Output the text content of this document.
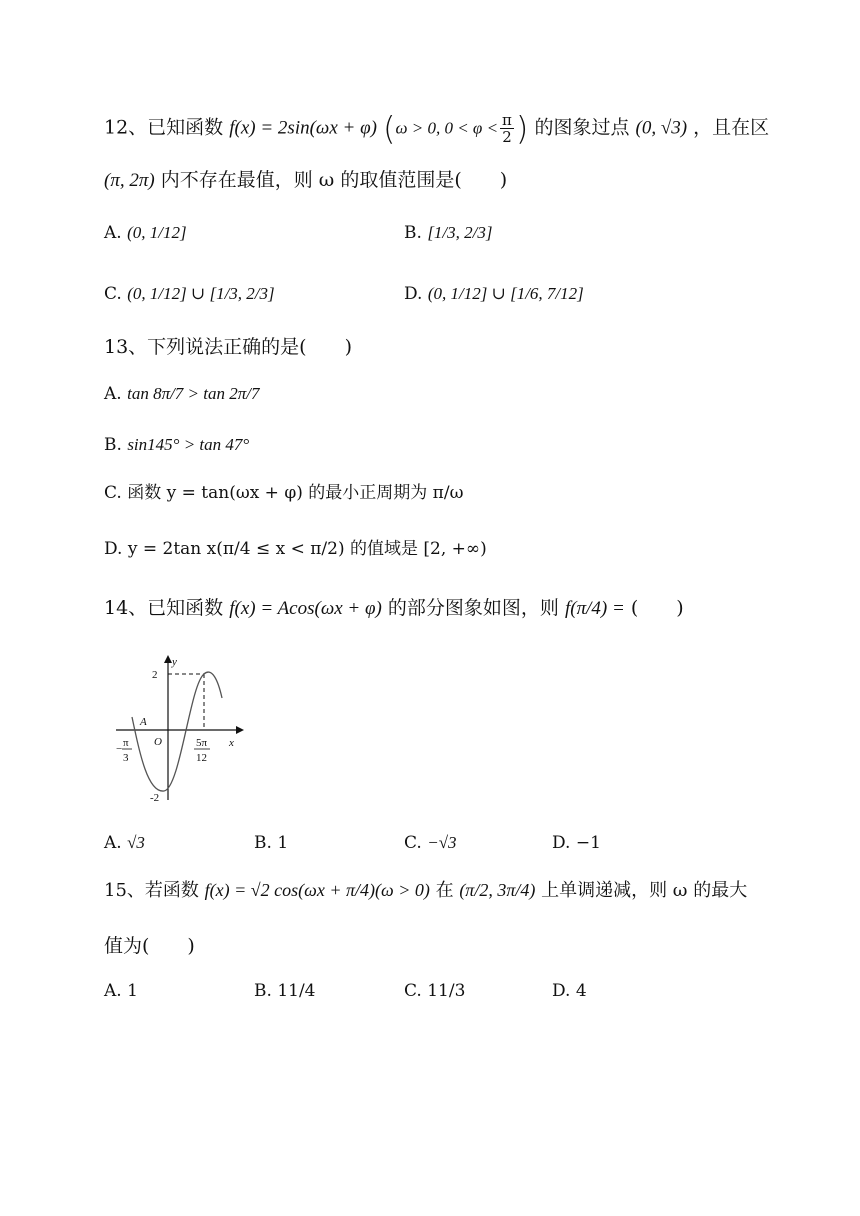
12、已知函数 f(x) = 2sin(ωx + φ) (ω > 0, $0 < \varphi < \frac{\pi}{2}$ ) 的图象过点 (0, √3) ，且在区
(π, 2π) 内不存在最值，则 ω 的取值范围是(　　)
A. (0, 1/12]	B. [1/3, 2/3]
C. (0, 1/12] ∪ [1/3, 2/3]	D. (0, 1/12] ∪ [1/6, 7/12]
13、下列说法正确的是(　　)
A. tan 8π/7 > tan 2π/7
B. sin145° > tan 47°
C. 函数 y = tan(ωx + φ) 的最小正周期为 π/ω
D. y = 2tan x(π/4 ≤ x < π/2) 的值域是 [2, +∞)
14、已知函数 f(x) = Acos(ωx + φ) 的部分图象如图，则 f(π/4) = (　　)
y
x
O
A
2
-2
− π
3
5π
12
A. √3	B. 1	C. −√3	D. −1
15、若函数 f(x) = √2 cos(ωx + π/4)(ω > 0) 在 (π/2, 3π/4) 上单调递减，则 ω 的最大
值为(　　)
A. 1	B. 11/4	C. 11/3	D. 4
